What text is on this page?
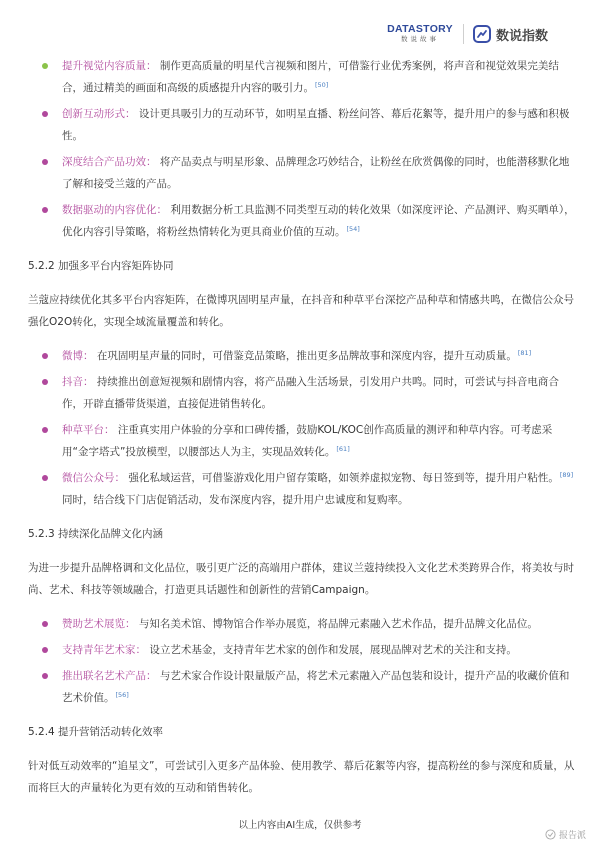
DATASTORY
数说故事	数说指数
提升视觉内容质量： 制作更高质量的明星代言视频和图片，可借鉴行业优秀案例，将声音和视觉效果完美结合，通过精美的画面和高级的质感提升内容的吸引力。[50]
创新互动形式： 设计更具吸引力的互动环节，如明星直播、粉丝问答、幕后花絮等，提升用户的参与感和积极性。
深度结合产品功效： 将产品卖点与明星形象、品牌理念巧妙结合，让粉丝在欣赏偶像的同时，也能潜移默化地了解和接受兰蔻的产品。
数据驱动的内容优化： 利用数据分析工具监测不同类型互动的转化效果（如深度评论、产品测评、购买晒单），优化内容引导策略，将粉丝热情转化为更具商业价值的互动。[54]
5.2.2 加强多平台内容矩阵协同

兰蔻应持续优化其多平台内容矩阵，在微博巩固明星声量，在抖音和种草平台深挖产品种草和情感共鸣，在微信公众号强化O2O转化，实现全域流量覆盖和转化。

微博： 在巩固明星声量的同时，可借鉴竞品策略，推出更多品牌故事和深度内容，提升互动质量。[81]
抖音： 持续推出创意短视频和剧情内容，将产品融入生活场景，引发用户共鸣。同时，可尝试与抖音电商合作，开辟直播带货渠道，直接促进销售转化。
种草平台： 注重真实用户体验的分享和口碑传播，鼓励KOL/KOC创作高质量的测评和种草内容。可考虑采用“金字塔式”投放模型，以腰部达人为主，实现品效转化。[61]
微信公众号： 强化私域运营，可借鉴游戏化用户留存策略，如领养虚拟宠物、每日签到等，提升用户粘性。[89] 同时，结合线下门店促销活动，发布深度内容，提升用户忠诚度和复购率。
5.2.3 持续深化品牌文化内涵

为进一步提升品牌格调和文化品位，吸引更广泛的高端用户群体，建议兰蔻持续投入文化艺术类跨界合作，将美妆与时尚、艺术、科技等领域融合，打造更具话题性和创新性的营销Campaign。

赞助艺术展览： 与知名美术馆、博物馆合作举办展览，将品牌元素融入艺术作品，提升品牌文化品位。
支持青年艺术家： 设立艺术基金，支持青年艺术家的创作和发展，展现品牌对艺术的关注和支持。
推出联名艺术产品： 与艺术家合作设计限量版产品，将艺术元素融入产品包装和设计，提升产品的收藏价值和艺术价值。[56]
5.2.4 提升营销活动转化效率

针对低互动效率的“追星文”，可尝试引入更多产品体验、使用教学、幕后花絮等内容，提高粉丝的参与深度和质量，从而将巨大的声量转化为更有效的互动和销售转化。

以上内容由AI生成，仅供参考
报告派
